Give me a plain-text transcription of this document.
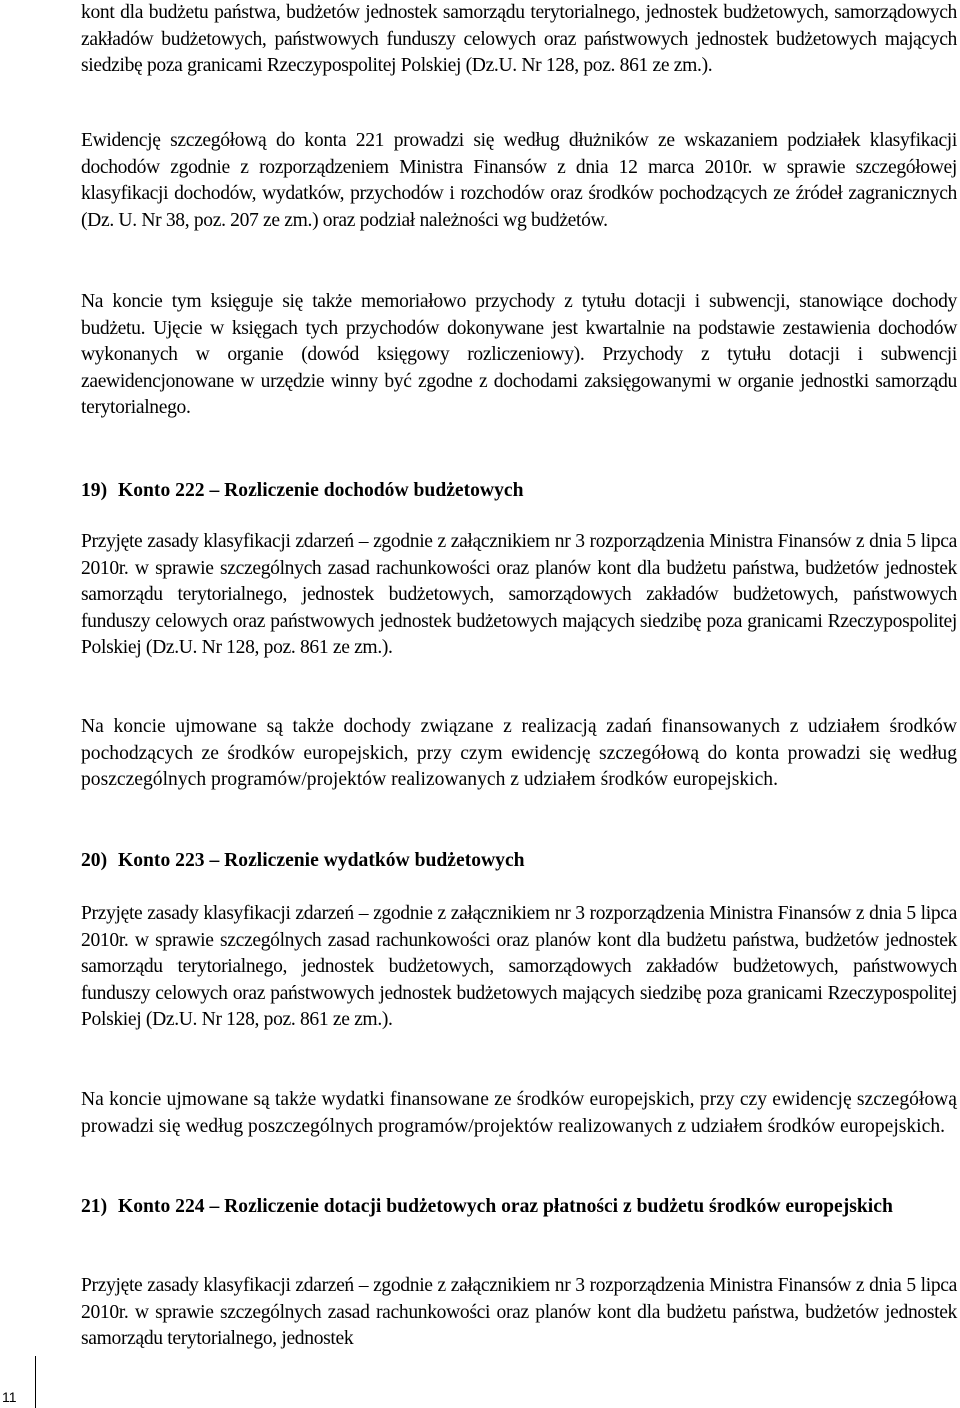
kont dla budżetu państwa, budżetów jednostek samorządu terytorialnego, jednostek budżetowych, samorządowych zakładów budżetowych, państwowych funduszy celowych oraz państwowych jednostek budżetowych mających siedzibę poza granicami Rzeczypospolitej Polskiej (Dz.U. Nr 128, poz. 861 ze zm.).

Ewidencję szczegółową do konta 221 prowadzi się według dłużników ze wskazaniem podziałek klasyfikacji dochodów zgodnie z rozporządzeniem Ministra Finansów z dnia 12 marca 2010r. w sprawie szczegółowej klasyfikacji dochodów, wydatków, przychodów i rozchodów oraz środków pochodzących ze źródeł zagranicznych (Dz. U. Nr 38, poz. 207 ze zm.) oraz podział należności wg budżetów.

Na koncie tym księguje się także memoriałowo przychody z tytułu dotacji i subwencji, stanowiące dochody budżetu. Ujęcie w księgach tych przychodów dokonywane jest kwartalnie na podstawie zestawienia dochodów wykonanych w organie (dowód księgowy rozliczeniowy). Przychody z tytułu dotacji i subwencji zaewidencjonowane w urzędzie winny być zgodne z dochodami zaksięgowanymi w organie jednostki samorządu terytorialnego.

19) Konto 222 – Rozliczenie dochodów budżetowych

Przyjęte zasady klasyfikacji zdarzeń – zgodnie z załącznikiem nr 3 rozporządzenia Ministra Finansów z dnia 5 lipca 2010r. w sprawie szczególnych zasad rachunkowości oraz planów kont dla budżetu państwa, budżetów jednostek samorządu terytorialnego, jednostek budżetowych, samorządowych zakładów budżetowych, państwowych funduszy celowych oraz państwowych jednostek budżetowych mających siedzibę poza granicami Rzeczypospolitej Polskiej (Dz.U. Nr 128, poz. 861 ze zm.).

Na koncie ujmowane są także dochody związane z realizacją zadań finansowanych z udziałem środków pochodzących ze środków europejskich, przy czym ewidencję szczegółową do konta prowadzi się według poszczególnych programów/projektów realizowanych z udziałem środków europejskich.

20) Konto 223 – Rozliczenie wydatków budżetowych

Przyjęte zasady klasyfikacji zdarzeń – zgodnie z załącznikiem nr 3 rozporządzenia Ministra Finansów z dnia 5 lipca 2010r. w sprawie szczególnych zasad rachunkowości oraz planów kont dla budżetu państwa, budżetów jednostek samorządu terytorialnego, jednostek budżetowych, samorządowych zakładów budżetowych, państwowych funduszy celowych oraz państwowych jednostek budżetowych mających siedzibę poza granicami Rzeczypospolitej Polskiej (Dz.U. Nr 128, poz. 861 ze zm.).

Na koncie ujmowane są także wydatki finansowane ze środków europejskich, przy czy ewidencję szczegółową prowadzi się według poszczególnych programów/projektów realizowanych z udziałem środków europejskich.

21) Konto 224 – Rozliczenie dotacji budżetowych oraz płatności z budżetu środków europejskich

Przyjęte zasady klasyfikacji zdarzeń – zgodnie z załącznikiem nr 3 rozporządzenia Ministra Finansów z dnia 5 lipca 2010r. w sprawie szczególnych zasad rachunkowości oraz planów kont dla budżetu państwa, budżetów jednostek samorządu terytorialnego, jednostek

11
